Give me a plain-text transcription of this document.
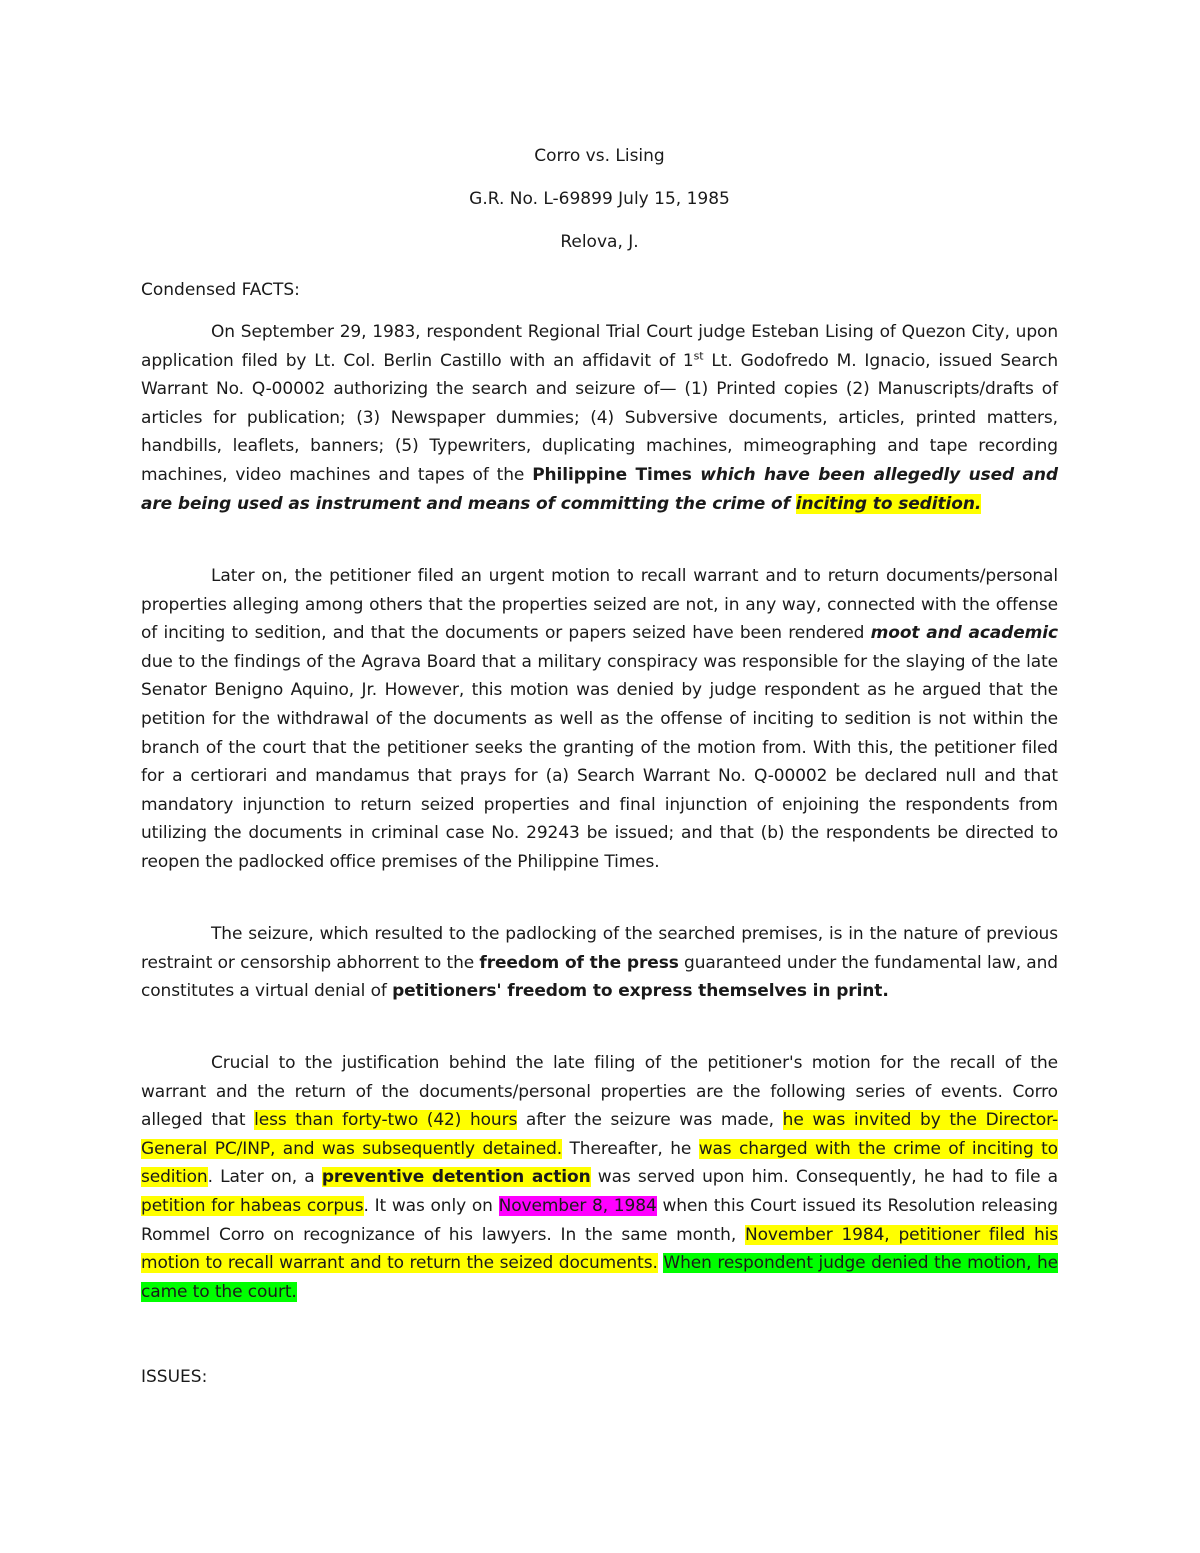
Corro vs. Lising
G.R. No. L-69899 July 15, 1985
Relova, J.
Condensed FACTS:
On September 29, 1983, respondent Regional Trial Court judge Esteban Lising of Quezon City, upon application filed by Lt. Col. Berlin Castillo with an affidavit of 1st Lt. Godofredo M. Ignacio, issued Search Warrant No. Q-00002 authorizing the search and seizure of— (1) Printed copies (2) Manuscripts/drafts of articles for publication; (3) Newspaper dummies; (4) Subversive documents, articles, printed matters, handbills, leaflets, banners; (5) Typewriters, duplicating machines, mimeographing and tape recording machines, video machines and tapes of the Philippine Times which have been allegedly used and are being used as instrument and means of committing the crime of inciting to sedition.
Later on, the petitioner filed an urgent motion to recall warrant and to return documents/personal properties alleging among others that the properties seized are not, in any way, connected with the offense of inciting to sedition, and that the documents or papers seized have been rendered moot and academic due to the findings of the Agrava Board that a military conspiracy was responsible for the slaying of the late Senator Benigno Aquino, Jr. However, this motion was denied by judge respondent as he argued that the petition for the withdrawal of the documents as well as the offense of inciting to sedition is not within the branch of the court that the petitioner seeks the granting of the motion from. With this, the petitioner filed for a certiorari and mandamus that prays for (a) Search Warrant No. Q-00002 be declared null and that mandatory injunction to return seized properties and final injunction of enjoining the respondents from utilizing the documents in criminal case No. 29243 be issued; and that (b) the respondents be directed to reopen the padlocked office premises of the Philippine Times.
The seizure, which resulted to the padlocking of the searched premises, is in the nature of previous restraint or censorship abhorrent to the freedom of the press guaranteed under the fundamental law, and constitutes a virtual denial of petitioners' freedom to express themselves in print.
Crucial to the justification behind the late filing of the petitioner's motion for the recall of the warrant and the return of the documents/personal properties are the following series of events. Corro alleged that less than forty-two (42) hours after the seizure was made, he was invited by the Director-General PC/INP, and was subsequently detained. Thereafter, he was charged with the crime of inciting to sedition. Later on, a preventive detention action was served upon him. Consequently, he had to file a petition for habeas corpus. It was only on November 8, 1984 when this Court issued its Resolution releasing Rommel Corro on recognizance of his lawyers. In the same month, November 1984, petitioner filed his motion to recall warrant and to return the seized documents. When respondent judge denied the motion, he came to the court.
ISSUES:
